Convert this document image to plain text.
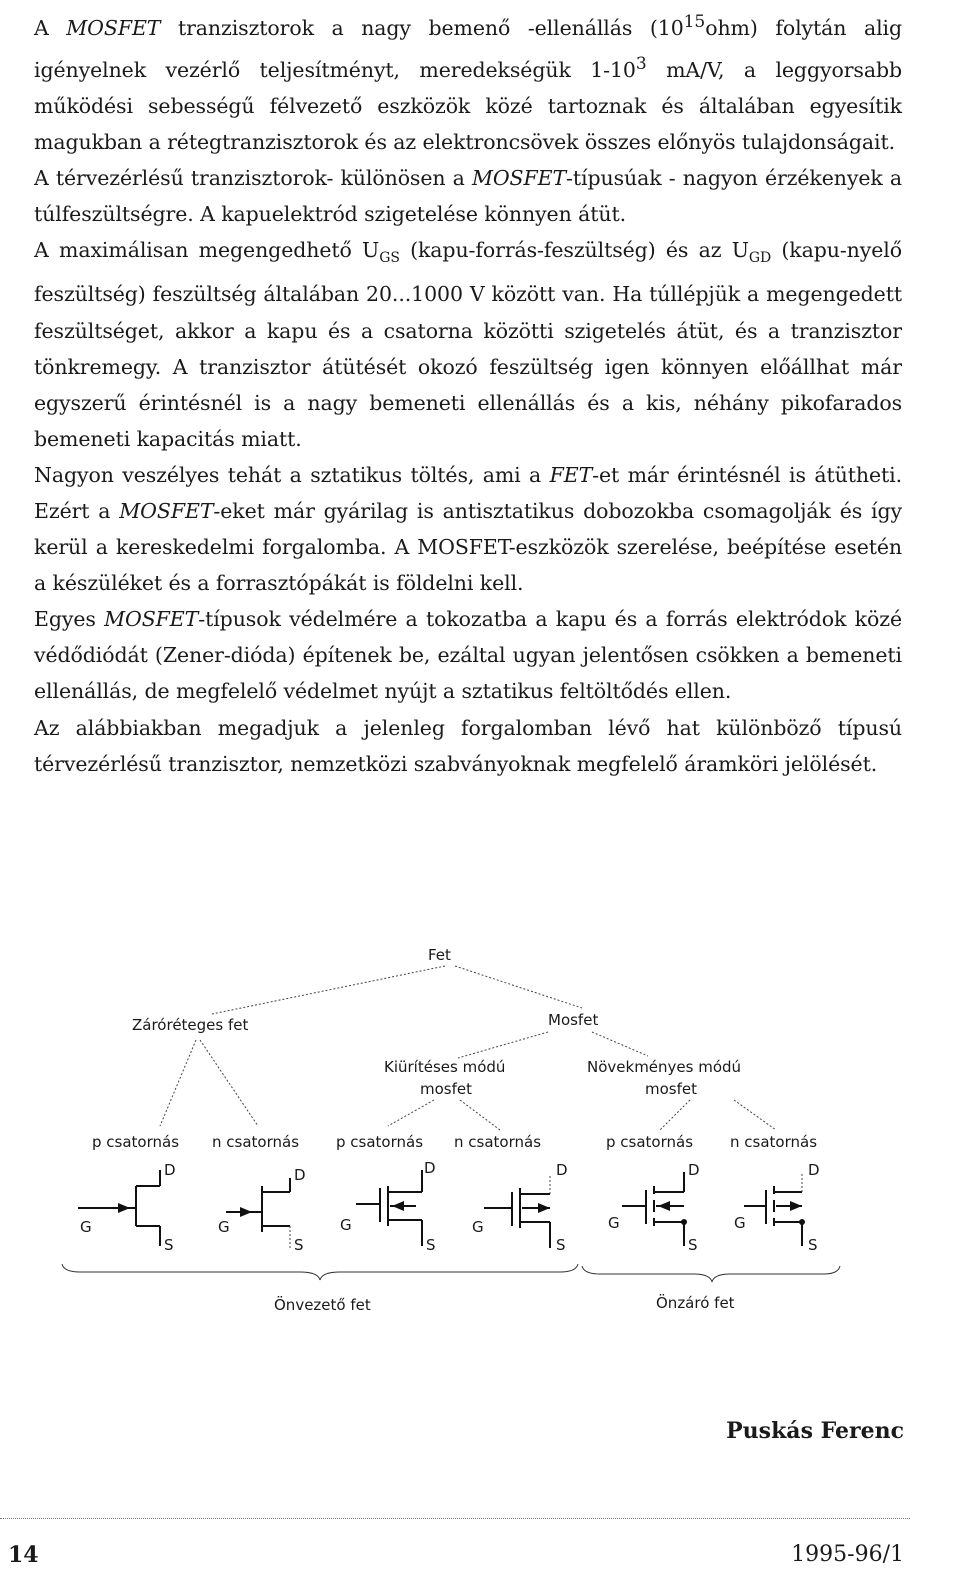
A MOSFET tranzisztorok a nagy bemenő -ellenállás $(10^{15}ohm)$ folytán alig igényelnek vezérlő teljesítményt, meredekségük $1-10^3$ mA/V, a leggyorsabb működési sebességű félvezető eszközök közé tartoznak és általában egyesítik magukban a rétegtranzisztorok és az elektroncsövek összes előnyös tulajdonságait.

A térvezérlésű tranzisztorok- különösen a MOSFET-típusúak - nagyon érzékenyek a túlfeszültségre. A kapuelektród szigetelése könnyen átüt.

A maximálisan megengedhető $U_{GS}$ (kapu-forrás-feszültség) és az $U_{GD}$ (kapu-nyelő feszültség) feszültség általában 20...1000 V között van. Ha túllépjük a megengedett feszültséget, akkor a kapu és a csatorna közötti szigetelés átüt, és a tranzisztor tönkremegy. A tranzisztor átütését okozó feszültség igen könnyen előállhat már egyszerű érintésnél is a nagy bemeneti ellenállás és a kis, néhány pikofarados bemeneti kapacitás miatt.

Nagyon veszélyes tehát a sztatikus töltés, ami a FET-et már érintésnél is átütheti. Ezért a MOSFET-eket már gyárilag is antisztatikus dobozokba csomagolják és így kerül a kereskedelmi forgalomba. A MOSFET-eszközök szerelése, beépítése esetén a készüléket és a forrasztópákát is földelni kell.

Egyes MOSFET-típusok védelmére a tokozatba a kapu és a forrás elektródok közé védődiódát (Zener-dióda) építenek be, ezáltal ugyan jelentősen csökken a bemeneti ellenállás, de megfelelő védelmet nyújt a sztatikus feltöltődés ellen.

Az alábbiakban megadjuk a jelenleg forgalomban lévő hat különböző típusú térvezérlésű tranzisztor, nemzetközi szabványoknak megfelelő áramköri jelölését.

Fet
Záróréteges fet	Mosfet
Kiürítéses módú
mosfet
Növekményes módú
mosfet
p csatornás n csatornás p csatornás n csatornás	p csatornás n csatornás
G
D
S
G
D
S
G
D
S
G
D
S
G
D
S
G
D
S
Önvezető fet	Önzáró fet
Puskás Ferenc
14	1995-96/1
